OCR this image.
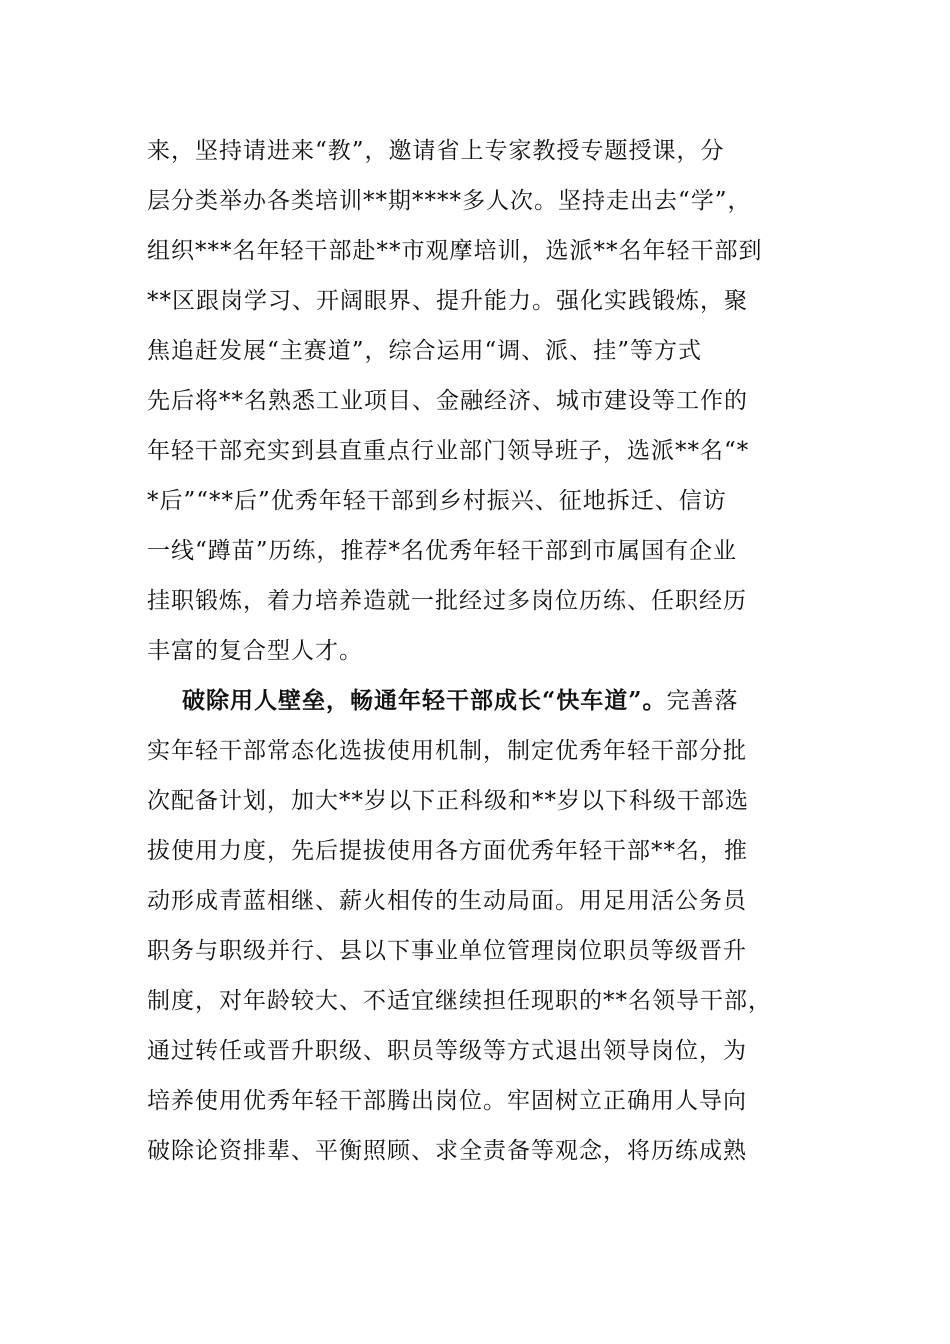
来，坚持请进来“教”，邀请省上专家教授专题授课，分
层分类举办各类培训**期****多人次。坚持走出去“学”，
组织***名年轻干部赴**市观摩培训，选派**名年轻干部到
**区跟岗学习、开阔眼界、提升能力。强化实践锻炼，聚
焦追赶发展“主赛道”，综合运用“调、派、挂”等方式
先后将**名熟悉工业项目、金融经济、城市建设等工作的
年轻干部充实到县直重点行业部门领导班子，选派**名“*
*后”“**后”优秀年轻干部到乡村振兴、征地拆迁、信访
一线“蹲苗”历练，推荐*名优秀年轻干部到市属国有企业
挂职锻炼，着力培养造就一批经过多岗位历练、任职经历
丰富的复合型人才。
破除用人壁垒，畅通年轻干部成长“快车道”。完善落
实年轻干部常态化选拔使用机制，制定优秀年轻干部分批
次配备计划，加大**岁以下正科级和**岁以下科级干部选
拔使用力度，先后提拔使用各方面优秀年轻干部**名，推
动形成青蓝相继、薪火相传的生动局面。用足用活公务员
职务与职级并行、县以下事业单位管理岗位职员等级晋升
制度，对年龄较大、不适宜继续担任现职的**名领导干部，
通过转任或晋升职级、职员等级等方式退出领导岗位，为
培养使用优秀年轻干部腾出岗位。牢固树立正确用人导向
破除论资排辈、平衡照顾、求全责备等观念，将历练成熟
